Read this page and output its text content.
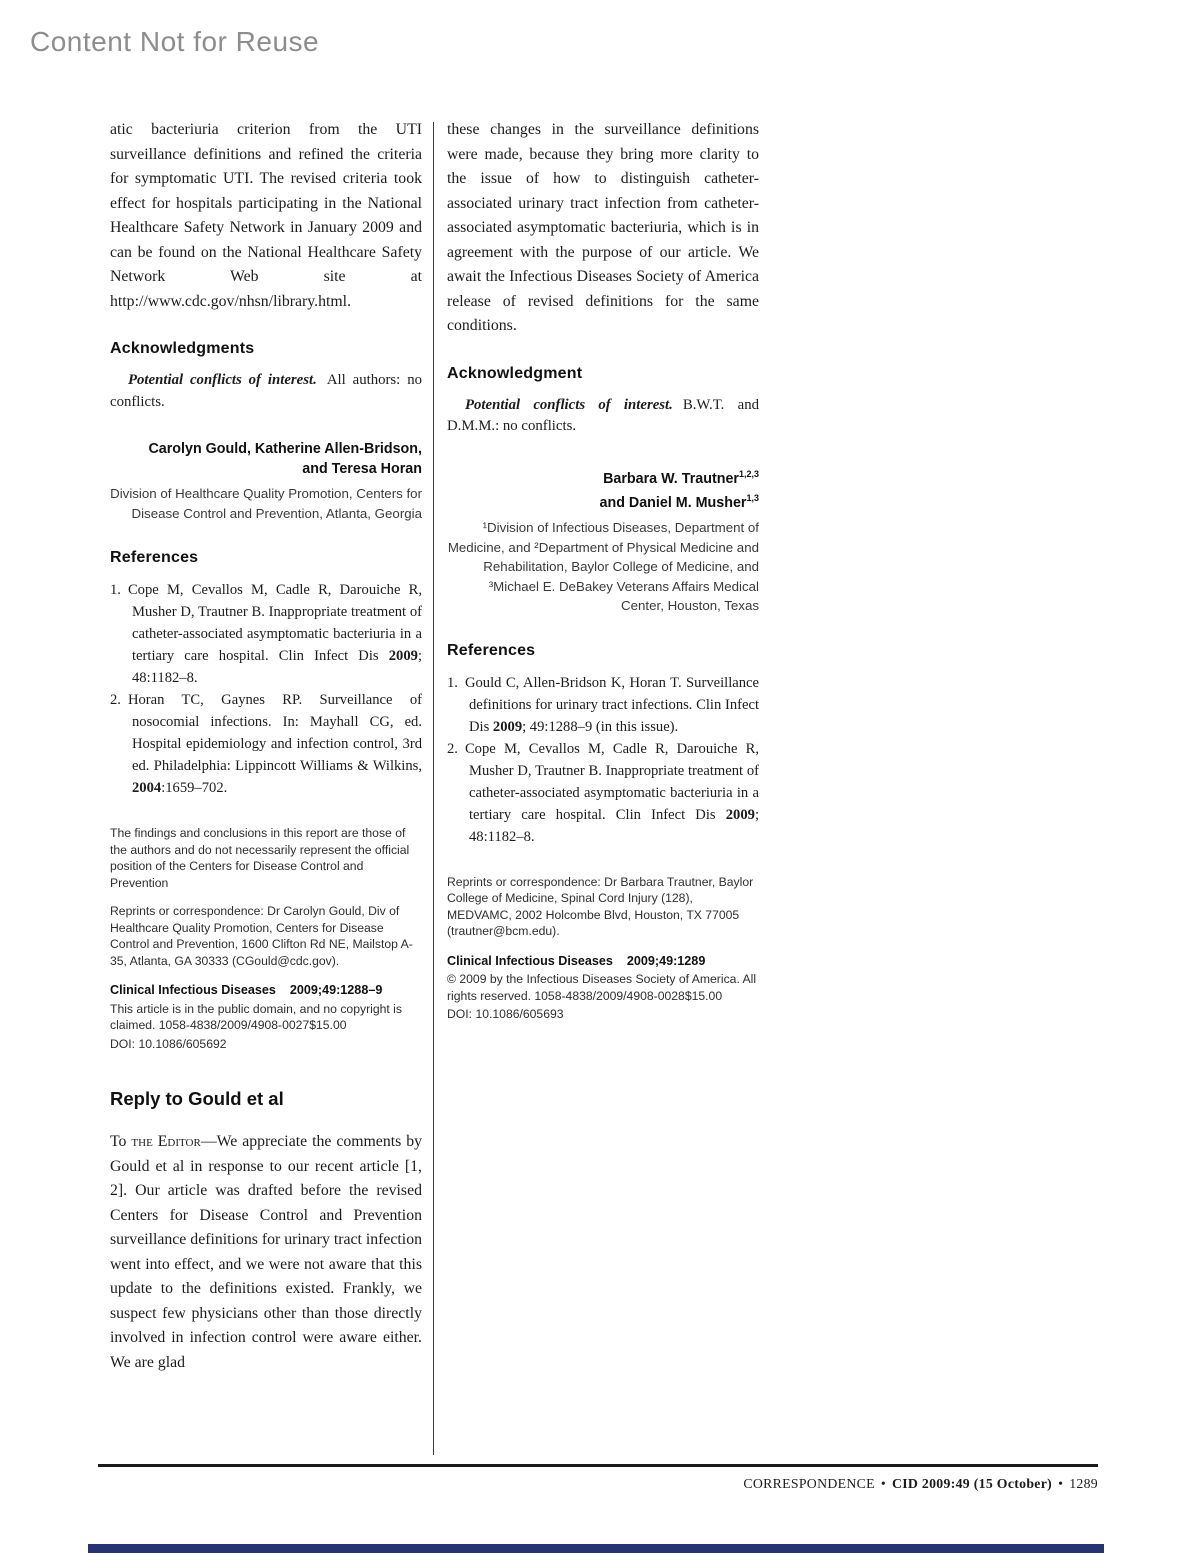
Content Not for Reuse

atic bacteriuria criterion from the UTI surveillance definitions and refined the criteria for symptomatic UTI. The revised criteria took effect for hospitals participating in the National Healthcare Safety Network in January 2009 and can be found on the National Healthcare Safety Network Web site at http://www.cdc.gov/nhsn/library.html.

Acknowledgments

Potential conflicts of interest. All authors: no conflicts.

Carolyn Gould, Katherine Allen-Bridson,
and Teresa Horan
Division of Healthcare Quality Promotion, Centers for Disease Control and Prevention, Atlanta, Georgia
References

1. Cope M, Cevallos M, Cadle R, Darouiche R, Musher D, Trautner B. Inappropriate treatment of catheter-associated asymptomatic bacteriuria in a tertiary care hospital. Clin Infect Dis 2009; 48:1182–8.

2. Horan TC, Gaynes RP. Surveillance of nosocomial infections. In: Mayhall CG, ed. Hospital epidemiology and infection control, 3rd ed. Philadelphia: Lippincott Williams & Wilkins, 2004:1659–702.

The findings and conclusions in this report are those of the authors and do not necessarily represent the official position of the Centers for Disease Control and Prevention

Reprints or correspondence: Dr Carolyn Gould, Div of Healthcare Quality Promotion, Centers for Disease Control and Prevention, 1600 Clifton Rd NE, Mailstop A-35, Atlanta, GA 30333 (CGould@cdc.gov).

Clinical Infectious Diseases 2009;49:1288–9

This article is in the public domain, and no copyright is claimed. 1058-4838/2009/4908-0027$15.00

DOI: 10.1086/605692

Reply to Gould et al

To the Editor—We appreciate the comments by Gould et al in response to our recent article [1, 2]. Our article was drafted before the revised Centers for Disease Control and Prevention surveillance definitions for urinary tract infection went into effect, and we were not aware that this update to the definitions existed. Frankly, we suspect few physicians other than those directly involved in infection control were aware either. We are glad

these changes in the surveillance definitions were made, because they bring more clarity to the issue of how to distinguish catheter-associated urinary tract infection from catheter-associated asymptomatic bacteriuria, which is in agreement with the purpose of our article. We await the Infectious Diseases Society of America release of revised definitions for the same conditions.

Acknowledgment

Potential conflicts of interest. B.W.T. and D.M.M.: no conflicts.

Barbara W. Trautner$^{1,2,3}$
and Daniel M. Musher$^{1,3}$
¹Division of Infectious Diseases, Department of Medicine, and ²Department of Physical Medicine and Rehabilitation, Baylor College of Medicine, and ³Michael E. DeBakey Veterans Affairs Medical Center, Houston, Texas
References

1. Gould C, Allen-Bridson K, Horan T. Surveillance definitions for urinary tract infections. Clin Infect Dis 2009; 49:1288–9 (in this issue).

2. Cope M, Cevallos M, Cadle R, Darouiche R, Musher D, Trautner B. Inappropriate treatment of catheter-associated asymptomatic bacteriuria in a tertiary care hospital. Clin Infect Dis 2009; 48:1182–8.

Reprints or correspondence: Dr Barbara Trautner, Baylor College of Medicine, Spinal Cord Injury (128), MEDVAMC, 2002 Holcombe Blvd, Houston, TX 77005 (trautner@bcm.edu).

Clinical Infectious Diseases 2009;49:1289

© 2009 by the Infectious Diseases Society of America. All rights reserved. 1058-4838/2009/4908-0028$15.00

DOI: 10.1086/605693

CORRESPONDENCE • CID 2009:49 (15 October) • 1289
